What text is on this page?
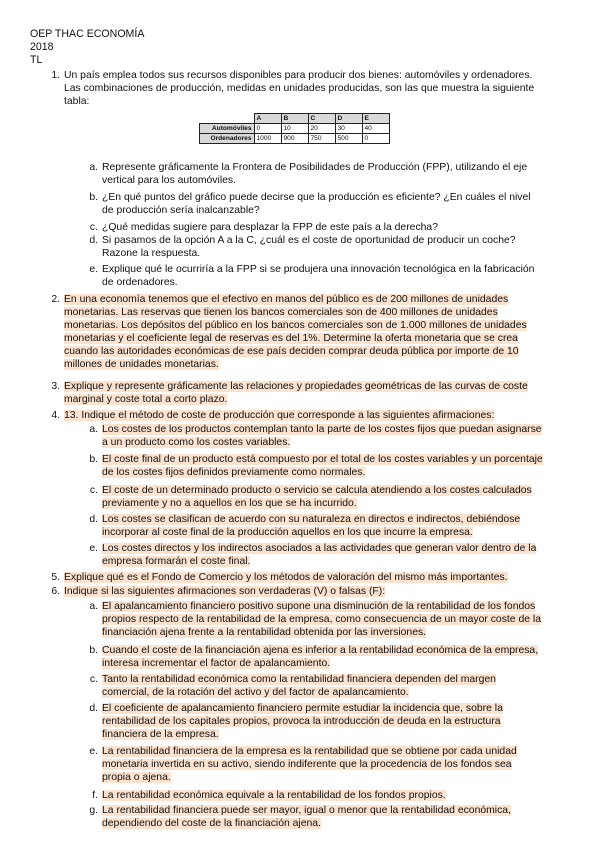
OEP THAC ECONOMÍA
2018
TL
1. Un país emplea todos sus recursos disponibles para producir dos bienes: automóviles y ordenadores.
Las combinaciones de producción, medidas en unidades producidas, son las que muestra la siguiente
tabla:
	A	B	C	D	E
Automóviles	0	10	20	30	40
Ordenadores	1000	900	750	500	0
a. Represente gráficamente la Frontera de Posibilidades de Producción (FPP), utilizando el eje
vertical para los automóviles.
b. ¿En qué puntos del gráfico puede decirse que la producción es eficiente? ¿En cuáles el nivel
de producción sería inalcanzable?
c. ¿Qué medidas sugiere para desplazar la FPP de este país a la derecha?
d. Si pasamos de la opción A a la C, ¿cuál es el coste de oportunidad de producir un coche?
Razone la respuesta.
e. Explique qué le ocurriría a la FPP si se produjera una innovación tecnológica en la fabricación
de ordenadores.
2. En una economía tenemos que el efectivo en manos del público es de 200 millones de unidades
monetarias. Las reservas que tienen los bancos comerciales son de 400 millones de unidades
monetarias. Los depósitos del público en los bancos comerciales son de 1.000 millones de unidades
monetarias y el coeficiente legal de reservas es del 1%. Determine la oferta monetaria que se crea
cuando las autoridades económicas de ese país deciden comprar deuda pública por importe de 10
millones de unidades monetarias.
3. Explique y represente gráficamente las relaciones y propiedades geométricas de las curvas de coste
marginal y coste total a corto plazo.
4. 13. Indique el método de coste de producción que corresponde a las siguientes afirmaciones:
a. Los costes de los productos contemplan tanto la parte de los costes fijos que puedan asignarse
a un producto como los costes variables.
b. El coste final de un producto está compuesto por el total de los costes variables y un porcentaje
de los costes fijos definidos previamente como normales.
c. El coste de un determinado producto o servicio se calcula atendiendo a los costes calculados
previamente y no a aquellos en los que se ha incurrido.
d. Los costes se clasifican de acuerdo con su naturaleza en directos e indirectos, debiéndose
incorporar al coste final de la producción aquellos en los que incurre la empresa.
e. Los costes directos y los indirectos asociados a las actividades que generan valor dentro de la
empresa formarán el coste final.
5. Explique qué es el Fondo de Comercio y los métodos de valoración del mismo más importantes.
6. Indique si las siguientes afirmaciones son verdaderas (V) o falsas (F):
a. El apalancamiento financiero positivo supone una disminución de la rentabilidad de los fondos
propios respecto de la rentabilidad de la empresa, como consecuencia de un mayor coste de la
financiación ajena frente a la rentabilidad obtenida por las inversiones.
b. Cuando el coste de la financiación ajena es inferior a la rentabilidad económica de la empresa,
interesa incrementar el factor de apalancamiento.
c. Tanto la rentabilidad económica como la rentabilidad financiera dependen del margen
comercial, de la rotación del activo y del factor de apalancamiento.
d. El coeficiente de apalancamiento financiero permite estudiar la incidencia que, sobre la
rentabilidad de los capitales propios, provoca la introducción de deuda en la estructura
financiera de la empresa.
e. La rentabilidad financiera de la empresa es la rentabilidad que se obtiene por cada unidad
monetaria invertida en su activo, siendo indiferente que la procedencia de los fondos sea
propia o ajena.
f. La rentabilidad económica equivale a la rentabilidad de los fondos propios.
g. La rentabilidad financiera puede ser mayor, igual o menor que la rentabilidad económica,
dependiendo del coste de la financiación ajena.
